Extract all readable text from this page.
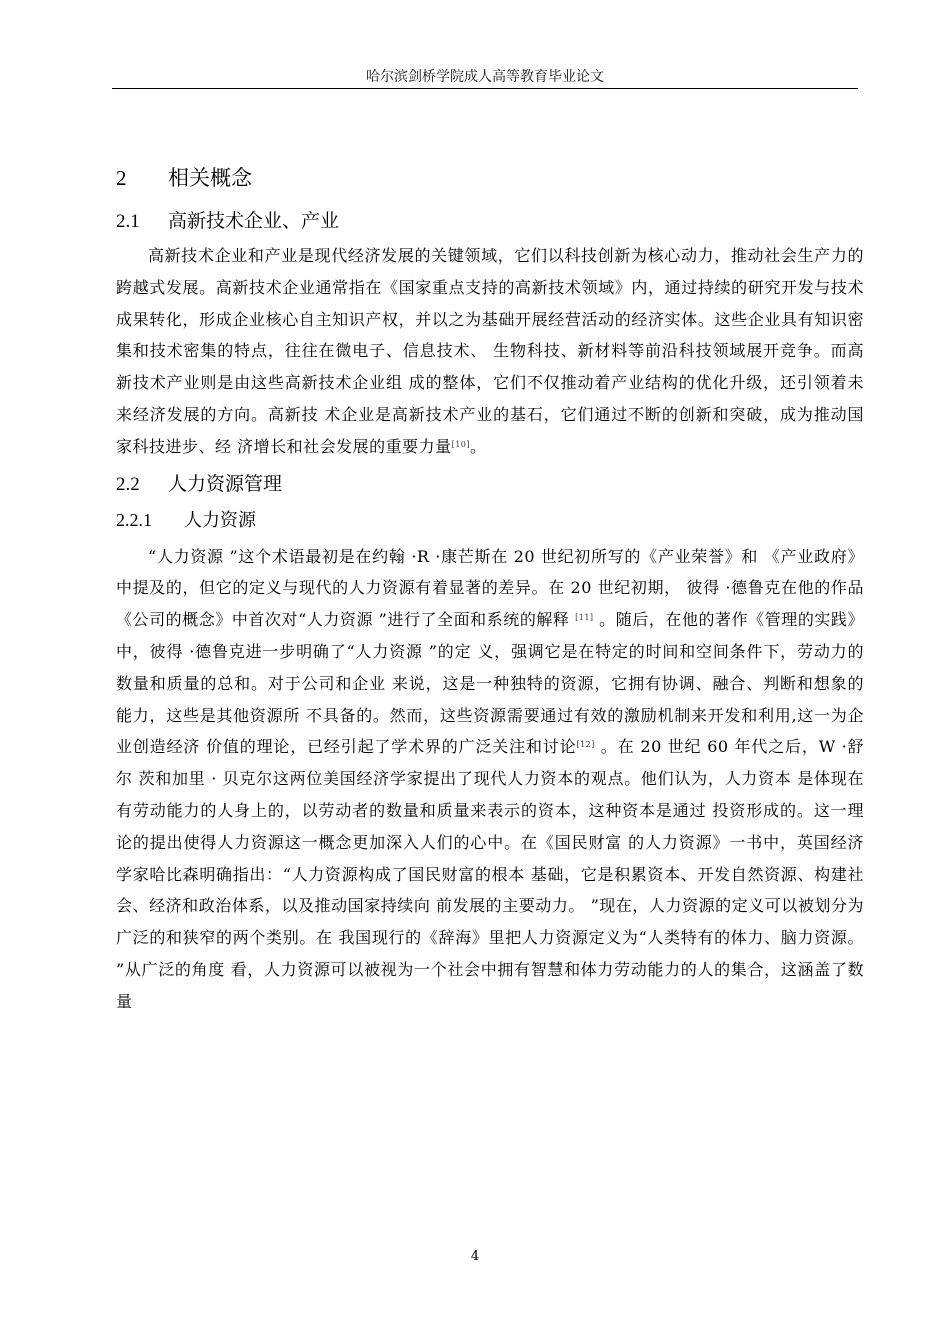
哈尔滨剑桥学院成人高等教育毕业论文
2 相关概念
2.1 高新技术企业、产业

高新技术企业和产业是现代经济发展的关键领域，它们以科技创新为核心动力，推动社会生产力的跨越式发展。高新技术企业通常指在《国家重点支持的高新技术领域》内，通过持续的研究开发与技术成果转化，形成企业核心自主知识产权，并以之为基础开展经营活动的经济实体。这些企业具有知识密集和技术密集的特点，往往在微电子、信息技术、 生物科技、新材料等前沿科技领域展开竞争。而高新技术产业则是由这些高新技术企业组 成的整体，它们不仅推动着产业结构的优化升级，还引领着未来经济发展的方向。高新技 术企业是高新技术产业的基石，它们通过不断的创新和突破，成为推动国家科技进步、经 济增长和社会发展的重要力量[10]。

2.2 人力资源管理
2.2.1 人力资源

“人力资源 ”这个术语最初是在约翰 ·R ·康芒斯在 20 世纪初所写的《产业荣誉》和 《产业政府》中提及的，但它的定义与现代的人力资源有着显著的差异。在 20 世纪初期， 彼得 ·德鲁克在他的作品《公司的概念》中首次对“人力资源 ”进行了全面和系统的解释 [11] 。随后，在他的著作《管理的实践》中，彼得 ·德鲁克进一步明确了“人力资源 ”的定 义，强调它是在特定的时间和空间条件下，劳动力的数量和质量的总和。对于公司和企业 来说，这是一种独特的资源，它拥有协调、融合、判断和想象的能力，这些是其他资源所 不具备的。然而，这些资源需要通过有效的激励机制来开发和利用,这一为企业创造经济 价值的理论，已经引起了学术界的广泛关注和讨论[12] 。在 20 世纪 60 年代之后，W ·舒尔 茨和加里 · 贝克尔这两位美国经济学家提出了现代人力资本的观点。他们认为，人力资本 是体现在有劳动能力的人身上的，以劳动者的数量和质量来表示的资本，这种资本是通过 投资形成的。这一理论的提出使得人力资源这一概念更加深入人们的心中。在《国民财富 的人力资源》一书中，英国经济学家哈比森明确指出：“人力资源构成了国民财富的根本 基础，它是积累资本、开发自然资源、构建社会、经济和政治体系，以及推动国家持续向 前发展的主要动力。 ”现在，人力资源的定义可以被划分为广泛的和狭窄的两个类别。在 我国现行的《辞海》里把人力资源定义为“人类特有的体力、脑力资源。 ”从广泛的角度 看，人力资源可以被视为一个社会中拥有智慧和体力劳动能力的人的集合，这涵盖了数量

4
